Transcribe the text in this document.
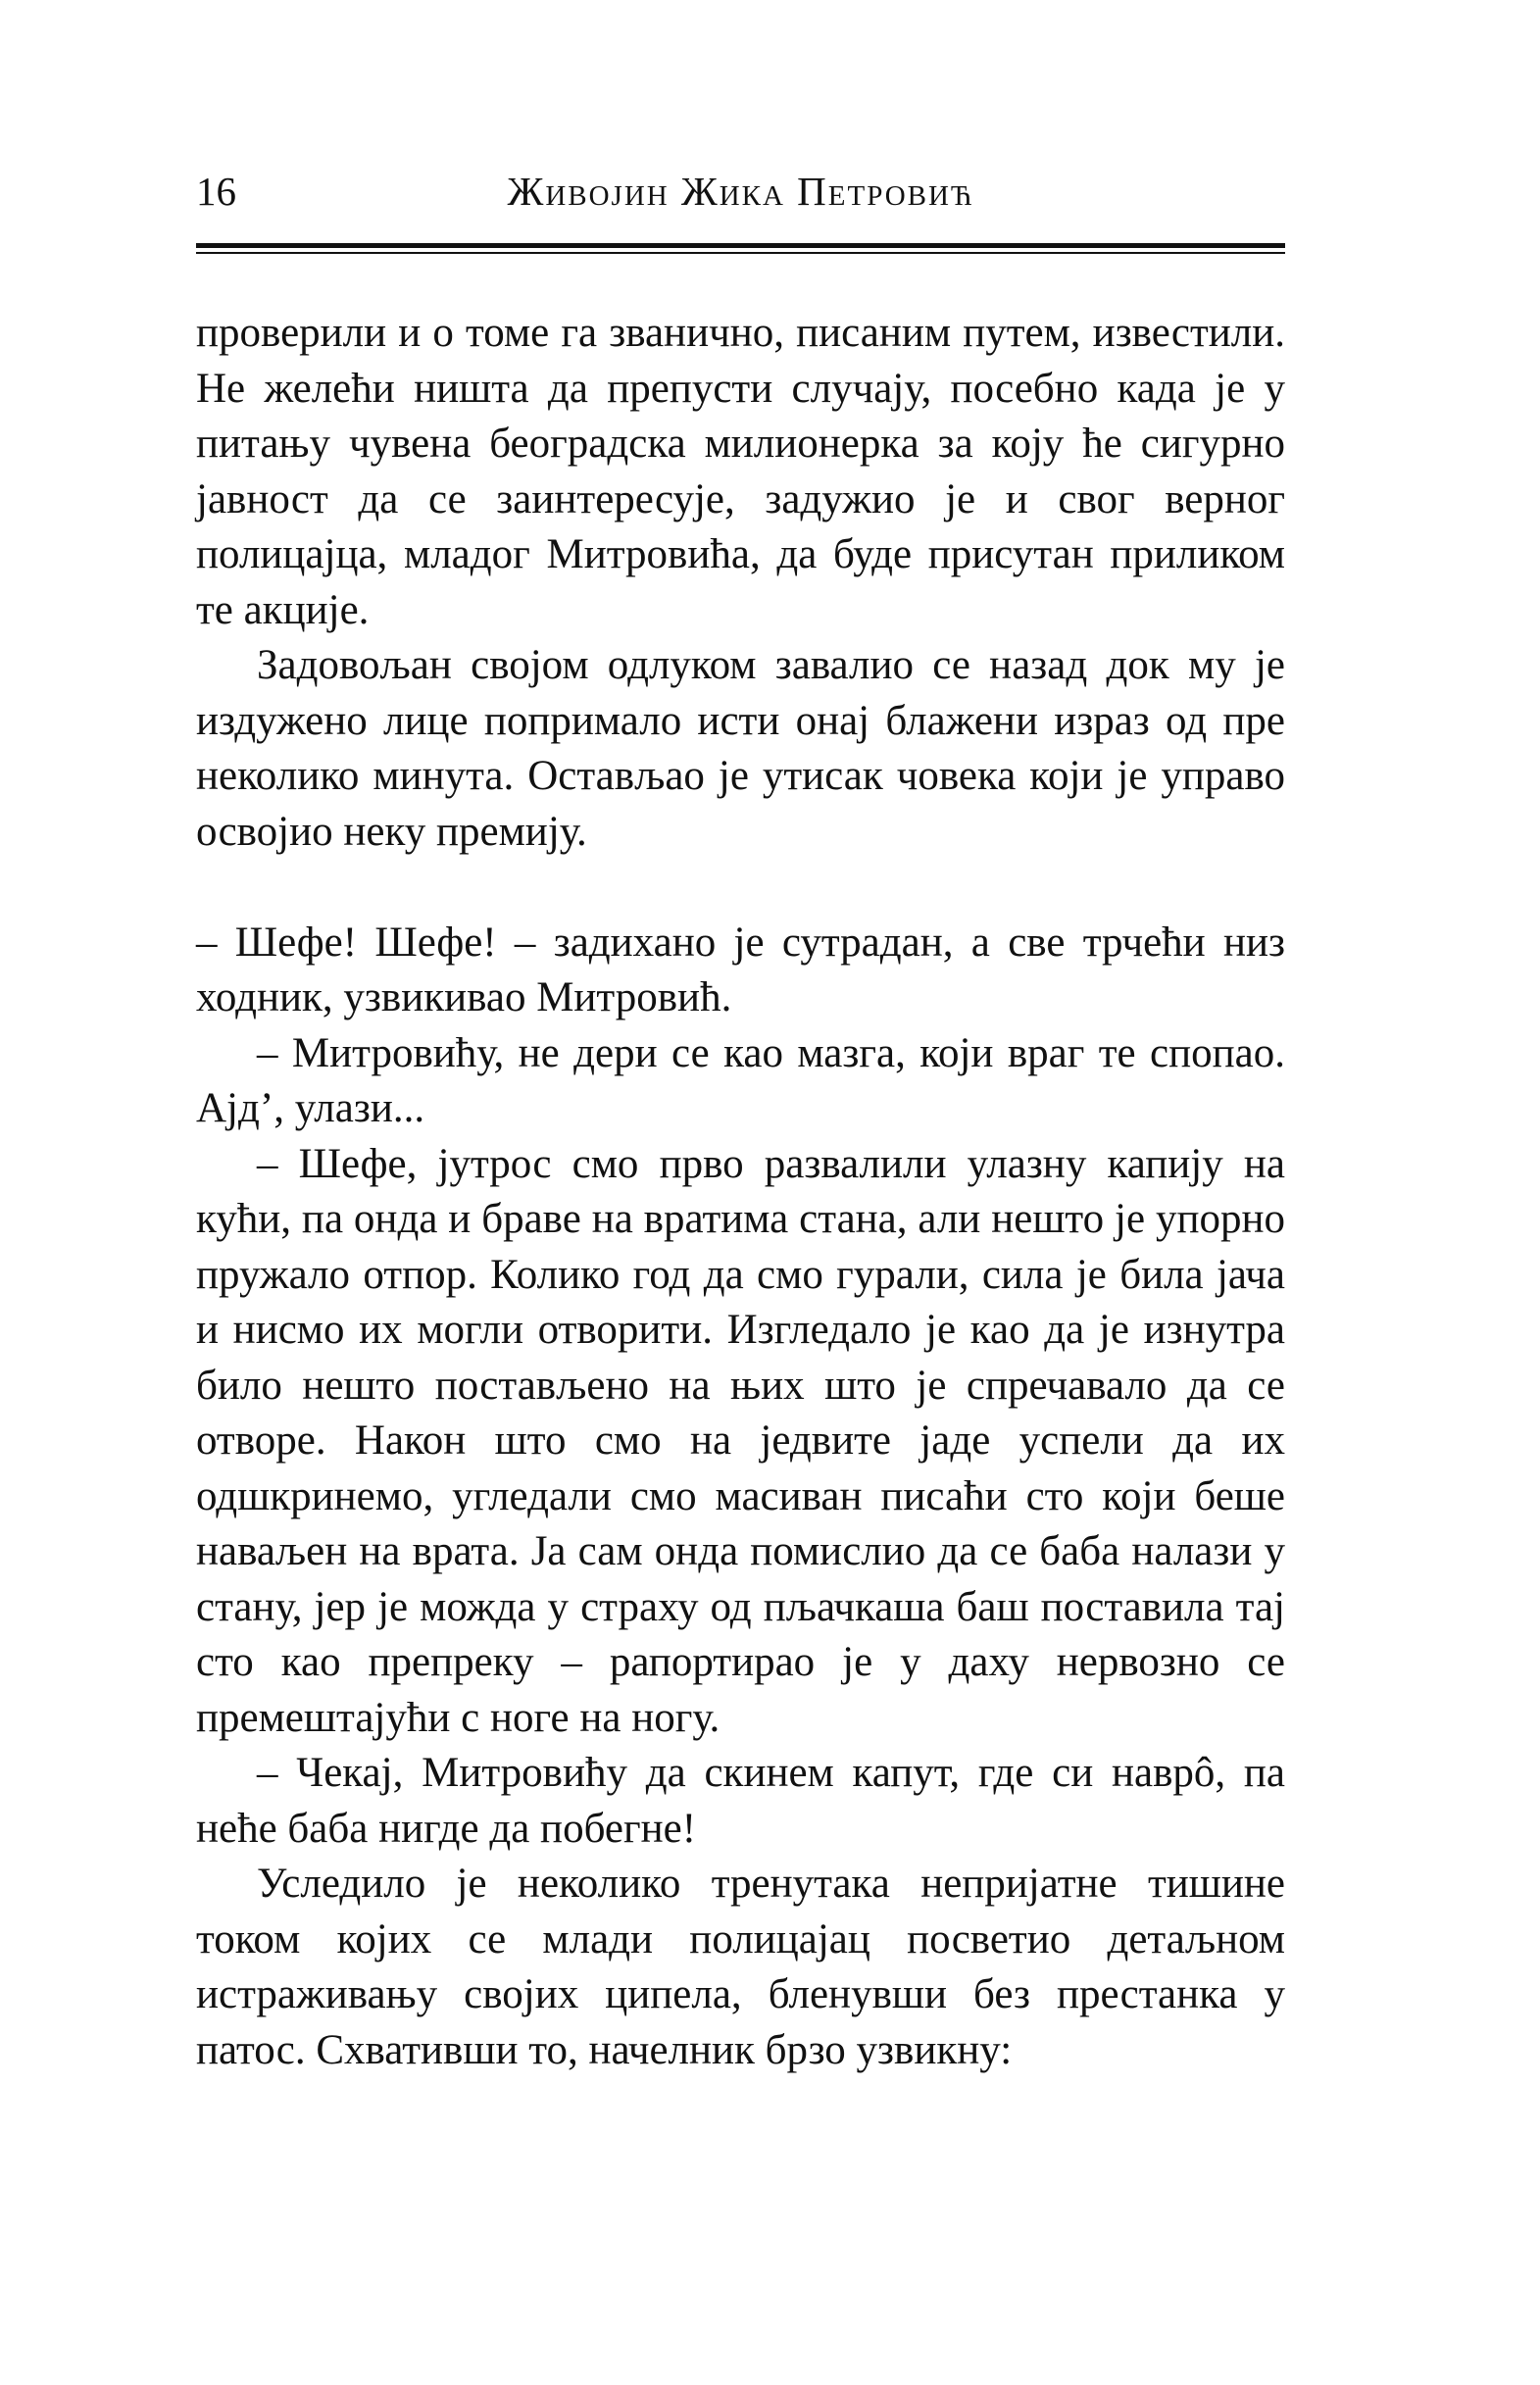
16	Живојин Жика Петровић

проверили и о томе га званично, писаним путем, известили. Не желећи ништа да препусти случају, посебно када је у питању чувена београдска милионерка за коју ће сигурно јавност да се заинтересује, задужио је и свог верног полицајца, младог Митровића, да буде присутан приликом те акције.

Задовољан својом одлуком завалио се назад док му је издужено лице попримало исти онај блажени израз од пре неколико минута. Остављао је утисак човека који је управо освојио неку премију.

– Шефе! Шефе! – задихано је сутрадан, а све трчећи низ ходник, узвикивао Митровић.

– Митровићу, не дери се као мазга, који враг те спопао. Ајд’, улази...

– Шефе, јутрос смо прво развалили улазну капију на кући, па онда и браве на вратима стана, али нешто је упорно пружало отпор. Колико год да смо гурали, сила је била јача и нисмо их могли отворити. Изгледало је као да је изнутра било нешто постављено на њих што је спречавало да се отворе. Након што смо на једвите јаде успели да их одшкринемо, угледали смо масиван писаћи сто који беше наваљен на врата. Ја сам онда помислио да се баба налази у стану, јер је можда у страху од пљачкаша баш поставила тај сто као препреку – рапортирао је у даху нервозно се премештајући с ноге на ногу.

– Чекај, Митровићу да скинем капут, где си наврô, па неће баба нигде да побегне!

Уследило је неколико тренутака непријатне тишине током којих се млади полицајац посветио детаљном истраживању својих ципела, бленувши без престанка у патос. Схвативши то, начелник брзо узвикну:
